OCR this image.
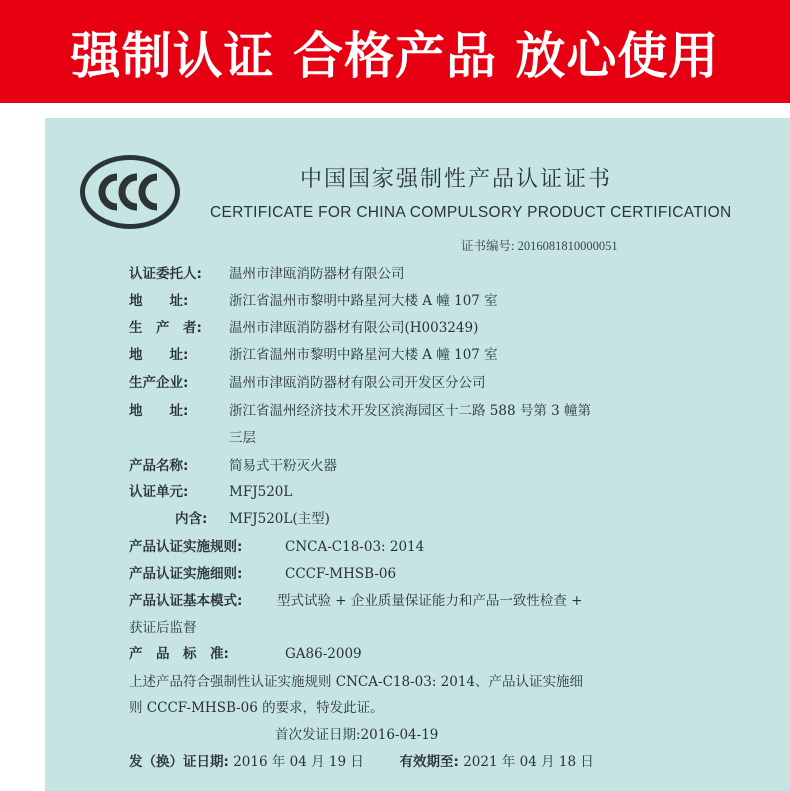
强制认证 合格产品 放心使用
中国国家强制性产品认证证书
CERTIFICATE FOR CHINA COMPULSORY PRODUCT CERTIFICATION
证书编号: 2016081810000051
认证委托人: 温州市津瓯消防器材有限公司
地　　址:	浙江省温州市黎明中路星河大楼 A 幢 107 室
生　产　者: 温州市津瓯消防器材有限公司(H003249)
地　　址:	浙江省温州市黎明中路星河大楼 A 幢 107 室
生产企业:	温州市津瓯消防器材有限公司开发区分公司
地　　址:	浙江省温州经济技术开发区滨海园区十二路 588 号第 3 幢第
三层
产品名称:	简易式干粉灭火器
认证单元:	MFJ520L
内含: MFJ520L(主型)
产品认证实施规则:	CNCA-C18-03: 2014
产品认证实施细则:	CCCF-MHSB-06
产品认证基本模式:	型式试验 + 企业质量保证能力和产品一致性检查 +
获证后监督
产　品　标　准:	GA86-2009
上述产品符合强制性认证实施规则 CNCA-C18-03: 2014、产品认证实施细
则 CCCF-MHSB-06 的要求，特发此证。
首次发证日期:2016-04-19
发（换）证日期: 2016 年 04 月 19 日	有效期至: 2021 年 04 月 18 日
